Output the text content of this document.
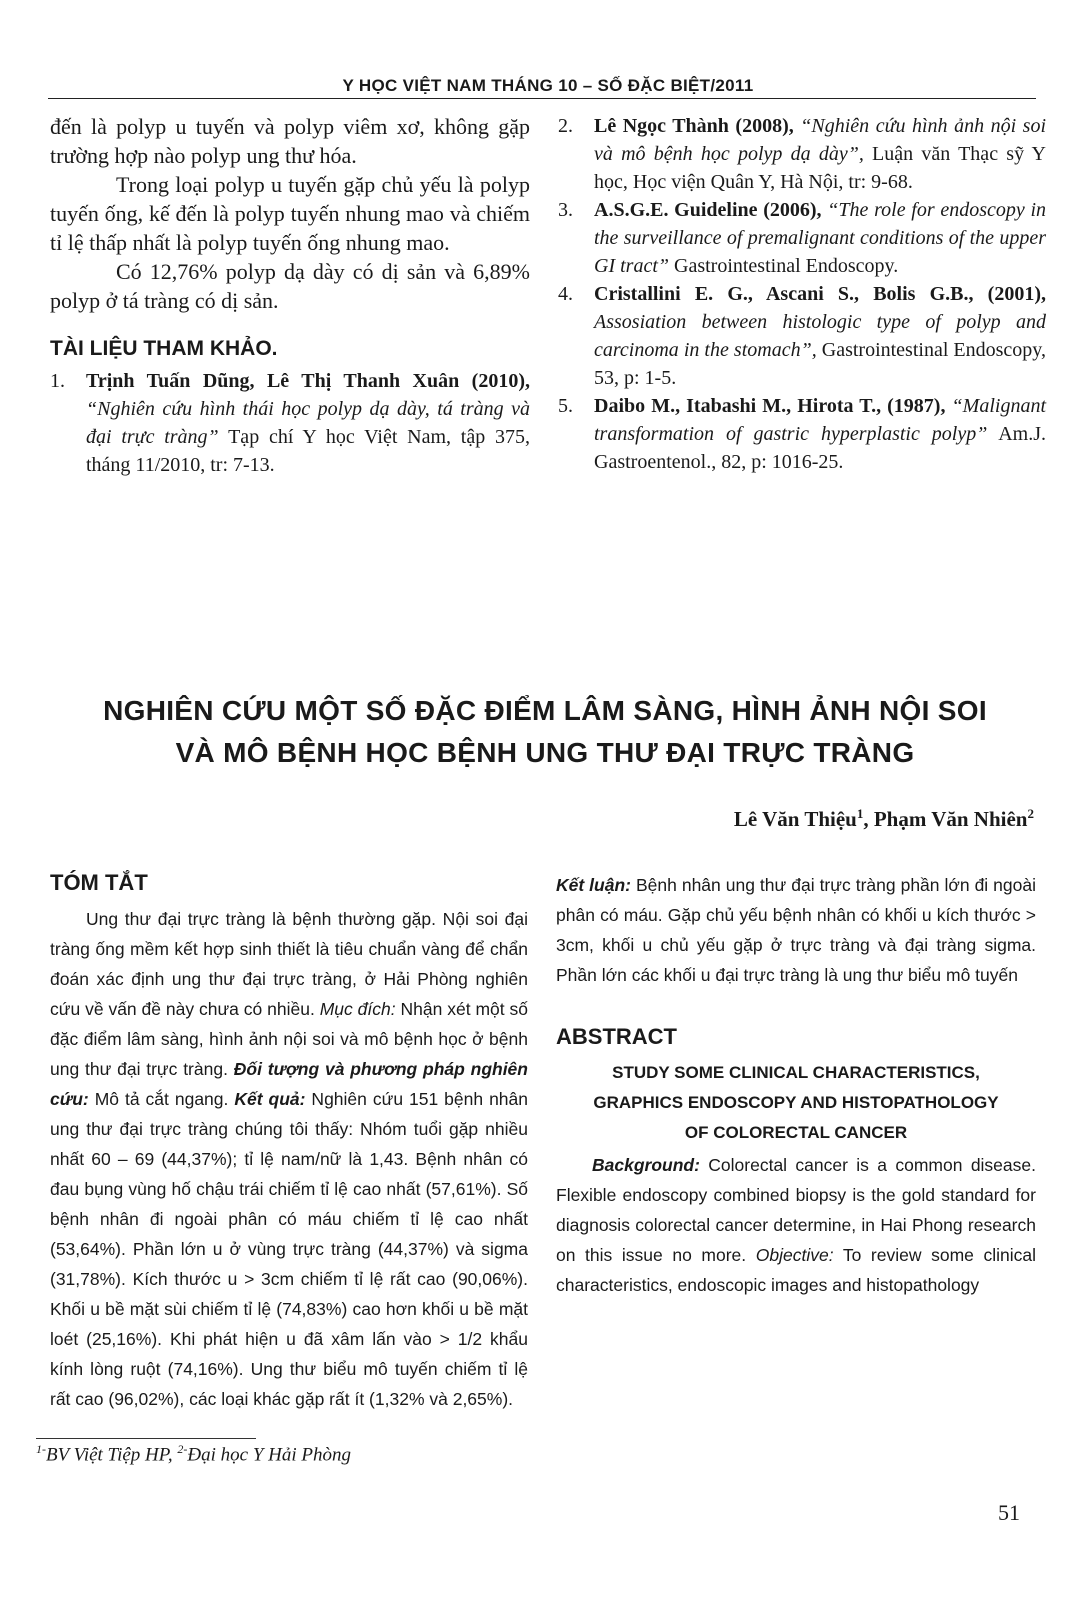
Y HỌC VIỆT NAM THÁNG 10 – SỐ ĐẶC BIỆT/2011

đến là polyp u tuyến và polyp viêm xơ, không gặp trường hợp nào polyp ung thư hóa.

Trong loại polyp u tuyến gặp chủ yếu là polyp tuyến ống, kế đến là polyp tuyến nhung mao và chiếm tỉ lệ thấp nhất là polyp tuyến ống nhung mao.

Có 12,76% polyp dạ dày có dị sản và 6,89% polyp ở tá tràng có dị sản.

TÀI LIỆU THAM KHẢO.

1.	Trịnh Tuấn Dũng, Lê Thị Thanh Xuân (2010), “Nghiên cứu hình thái học polyp dạ dày, tá tràng và đại trực tràng” Tạp chí Y học Việt Nam, tập 375, tháng 11/2010, tr: 7-13.

2.	Lê Ngọc Thành (2008), “Nghiên cứu hình ảnh nội soi và mô bệnh học polyp dạ dày”, Luận văn Thạc sỹ Y học, Học viện Quân Y, Hà Nội, tr: 9-68.

3.	A.S.G.E. Guideline (2006), “The role for endoscopy in the surveillance of premalignant conditions of the upper GI tract” Gastrointestinal Endoscopy.

4.	Cristallini E. G., Ascani S., Bolis G.B., (2001), Assosiation between histologic type of polyp and carcinoma in the stomach”, Gastrointestinal Endoscopy, 53, p: 1-5.

5.	Daibo M., Itabashi M., Hirota T., (1987), “Malignant transformation of gastric hyperplastic polyp” Am.J. Gastroentenol., 82, p: 1016-25.

NGHIÊN CỨU MỘT SỐ ĐẶC ĐIỂM LÂM SÀNG, HÌNH ẢNH NỘI SOI
VÀ MÔ BỆNH HỌC BỆNH UNG THƯ ĐẠI TRỰC TRÀNG
Lê Văn Thiệu$^1$, Phạm Văn Nhiên$^2$
TÓM TẮT

Ung thư đại trực tràng là bệnh thường gặp. Nội soi đại tràng ống mềm kết hợp sinh thiết là tiêu chuẩn vàng để chẩn đoán xác định ung thư đại trực tràng, ở Hải Phòng nghiên cứu về vấn đề này chưa có nhiều. Mục đích: Nhận xét một số đặc điểm lâm sàng, hình ảnh nội soi và mô bệnh học ở bệnh ung thư đại trực tràng. Đối tượng và phương pháp nghiên cứu: Mô tả cắt ngang. Kết quả: Nghiên cứu 151 bệnh nhân ung thư đại trực tràng chúng tôi thấy: Nhóm tuổi gặp nhiều nhất 60 – 69 (44,37%); tỉ lệ nam/nữ là 1,43. Bệnh nhân có đau bụng vùng hố chậu trái chiếm tỉ lệ cao nhất (57,61%). Số bệnh nhân đi ngoài phân có máu chiếm tỉ lệ cao nhất (53,64%). Phần lớn u ở vùng trực tràng (44,37%) và sigma (31,78%). Kích thước u > 3cm chiếm tỉ lệ rất cao (90,06%). Khối u bề mặt sùi chiếm tỉ lệ (74,83%) cao hơn khối u bề mặt loét (25,16%). Khi phát hiện u đã xâm lấn vào > 1/2 khẩu kính lòng ruột (74,16%). Ung thư biểu mô tuyến chiếm tỉ lệ rất cao (96,02%), các loại khác gặp rất ít (1,32% và 2,65%).

Kết luận: Bệnh nhân ung thư đại trực tràng phần lớn đi ngoài phân có máu. Gặp chủ yếu bệnh nhân có khối u kích thước > 3cm, khối u chủ yếu gặp ở trực tràng và đại tràng sigma. Phần lớn các khối u đại trực tràng là ung thư biểu mô tuyến

ABSTRACT
STUDY SOME CLINICAL CHARACTERISTICS,
GRAPHICS ENDOSCOPY AND HISTOPATHOLOGY
OF COLORECTAL CANCER

Background: Colorectal cancer is a common disease. Flexible endoscopy combined biopsy is the gold standard for diagnosis colorectal cancer determine, in Hai Phong research on this issue no more. Objective: To review some clinical characteristics, endoscopic images and histopathology

$^{1-}$BV Việt Tiệp HP, $^{2-}$Đại học Y Hải Phòng
51
